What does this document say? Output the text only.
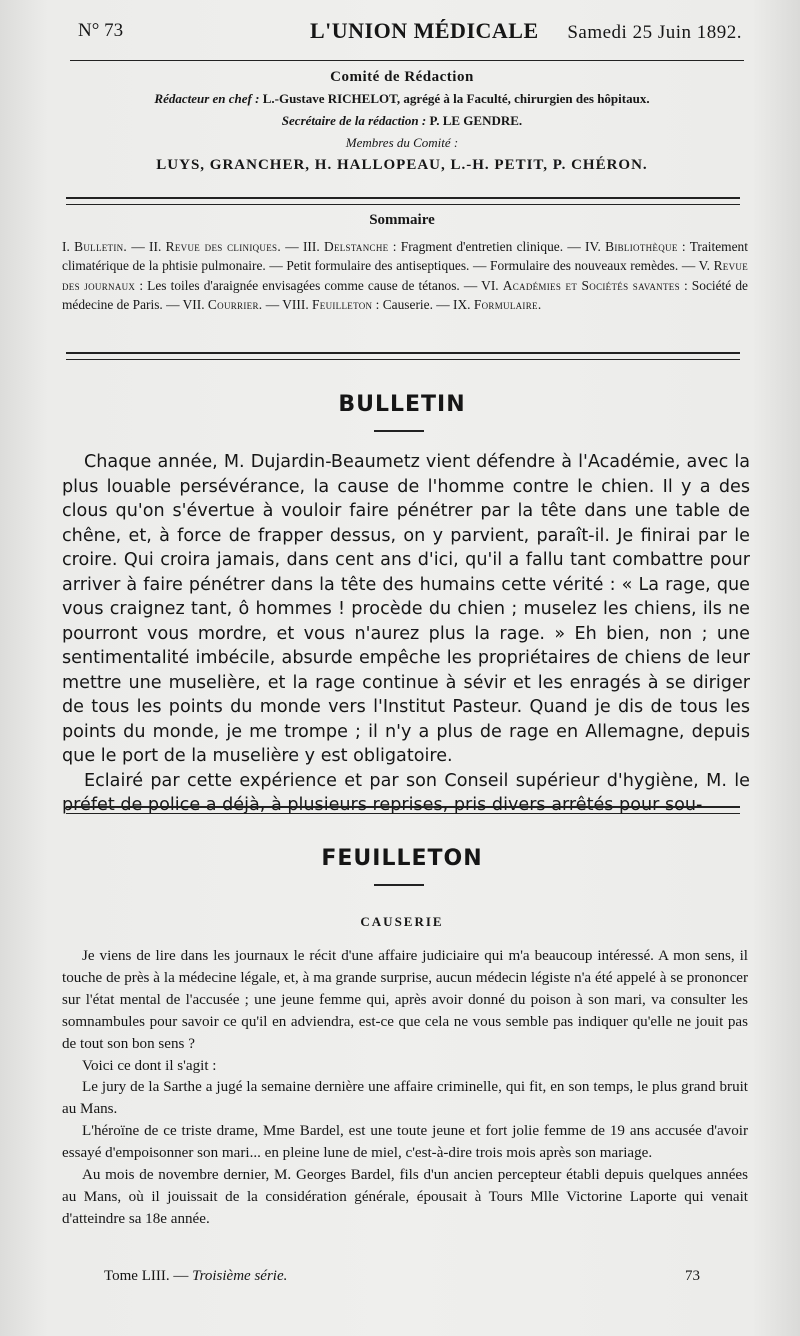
N° 73	L'UNION MÉDICALE Samedi 25 Juin 1892.
Comité de Rédaction
Rédacteur en chef : L.-Gustave RICHELOT, agrégé à la Faculté, chirurgien des hôpitaux.
Secrétaire de la rédaction : P. LE GENDRE.
Membres du Comité :
LUYS, GRANCHER, H. HALLOPEAU, L.-H. PETIT, P. CHÉRON.
Sommaire
I. Bulletin. — II. Revue des cliniques. — III. Delstanche : Fragment d'entretien clinique. — IV. Bibliothèque : Traitement climatérique de la phtisie pulmonaire. — Petit formulaire des antiseptiques. — Formulaire des nouveaux remèdes. — V. Revue des journaux : Les toiles d'araignée envisagées comme cause de tétanos. — VI. Académies et Sociétés savantes : Société de médecine de Paris. — VII. Courrier. — VIII. Feuilleton : Causerie. — IX. Formulaire.
BULLETIN

Chaque année, M. Dujardin-Beaumetz vient défendre à l'Académie, avec la plus louable persévérance, la cause de l'homme contre le chien. Il y a des clous qu'on s'évertue à vouloir faire pénétrer par la tête dans une table de chêne, et, à force de frapper dessus, on y parvient, paraît-il. Je finirai par le croire. Qui croira jamais, dans cent ans d'ici, qu'il a fallu tant combattre pour arriver à faire pénétrer dans la tête des humains cette vérité : « La rage, que vous craignez tant, ô hommes ! procède du chien ; muselez les chiens, ils ne pourront vous mordre, et vous n'aurez plus la rage. » Eh bien, non ; une sentimentalité imbécile, absurde empêche les propriétaires de chiens de leur mettre une muselière, et la rage continue à sévir et les enragés à se diriger de tous les points du monde vers l'Institut Pasteur. Quand je dis de tous les points du monde, je me trompe ; il n'y a plus de rage en Allemagne, depuis que le port de la muselière y est obligatoire.

Eclairé par cette expérience et par son Conseil supérieur d'hygiène, M. le préfet de police a déjà, à plusieurs reprises, pris divers arrêtés pour sou-

FEUILLETON
CAUSERIE

Je viens de lire dans les journaux le récit d'une affaire judiciaire qui m'a beaucoup intéressé. A mon sens, il touche de près à la médecine légale, et, à ma grande surprise, aucun médecin légiste n'a été appelé à se prononcer sur l'état mental de l'accusée ; une jeune femme qui, après avoir donné du poison à son mari, va consulter les somnambules pour savoir ce qu'il en adviendra, est-ce que cela ne vous semble pas indiquer qu'elle ne jouit pas de tout son bon sens ?

Voici ce dont il s'agit :

Le jury de la Sarthe a jugé la semaine dernière une affaire criminelle, qui fit, en son temps, le plus grand bruit au Mans.

L'héroïne de ce triste drame, Mme Bardel, est une toute jeune et fort jolie femme de 19 ans accusée d'avoir essayé d'empoisonner son mari... en pleine lune de miel, c'est-à-dire trois mois après son mariage.

Au mois de novembre dernier, M. Georges Bardel, fils d'un ancien percepteur établi depuis quelques années au Mans, où il jouissait de la considération générale, épousait à Tours Mlle Victorine Laporte qui venait d'atteindre sa 18e année.

Tome LIII. — Troisième série.	73
